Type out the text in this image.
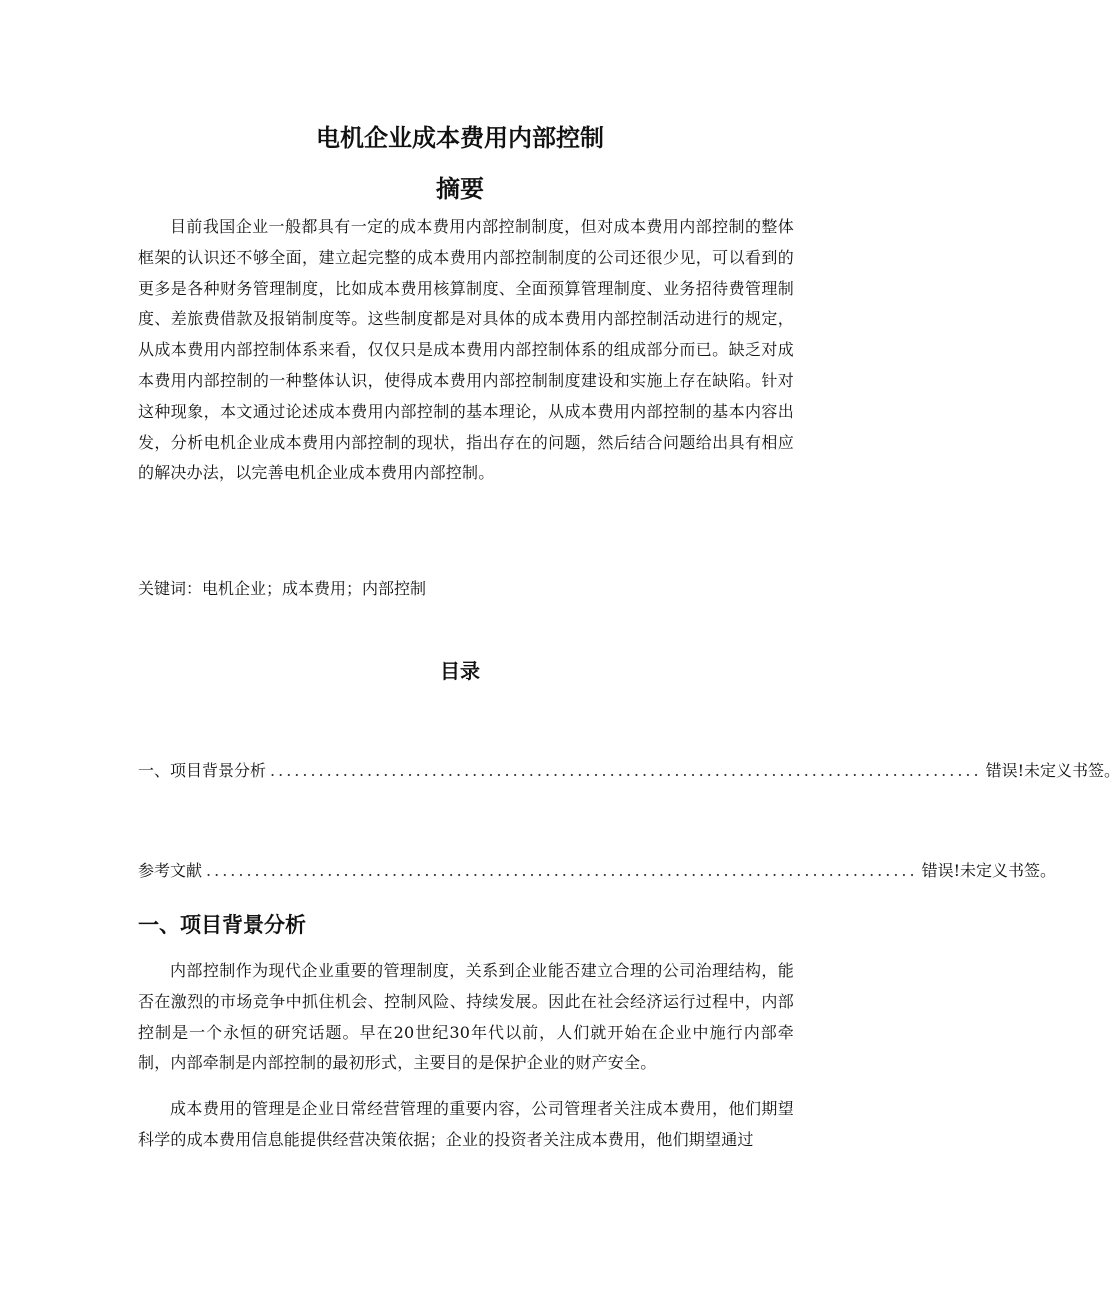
电机企业成本费用内部控制
摘要

目前我国企业一般都具有一定的成本费用内部控制制度，但对成本费用内部控制的整体框架的认识还不够全面，建立起完整的成本费用内部控制制度的公司还很少见，可以看到的更多是各种财务管理制度，比如成本费用核算制度、全面预算管理制度、业务招待费管理制度、差旅费借款及报销制度等。这些制度都是对具体的成本费用内部控制活动进行的规定，从成本费用内部控制体系来看，仅仅只是成本费用内部控制体系的组成部分而已。缺乏对成本费用内部控制的一种整体认识，使得成本费用内部控制制度建设和实施上存在缺陷。针对这种现象，本文通过论述成本费用内部控制的基本理论，从成本费用内部控制的基本内容出发，分析电机企业成本费用内部控制的现状，指出存在的问题，然后结合问题给出具有相应的解决办法，以完善电机企业成本费用内部控制。

关键词：电机企业；成本费用；内部控制

目录
一、项目背景分析 ........................................................................................ 错误!未定义书签。
参考文献 ........................................................................................ 错误!未定义书签。
一、项目背景分析

内部控制作为现代企业重要的管理制度，关系到企业能否建立合理的公司治理结构，能否在激烈的市场竞争中抓住机会、控制风险、持续发展。因此在社会经济运行过程中，内部控制是一个永恒的研究话题。早在20世纪30年代以前，人们就开始在企业中施行内部牵制，内部牵制是内部控制的最初形式，主要目的是保护企业的财产安全。

成本费用的管理是企业日常经营管理的重要内容，公司管理者关注成本费用，他们期望科学的成本费用信息能提供经营决策依据；企业的投资者关注成本费用，他们期望通过
